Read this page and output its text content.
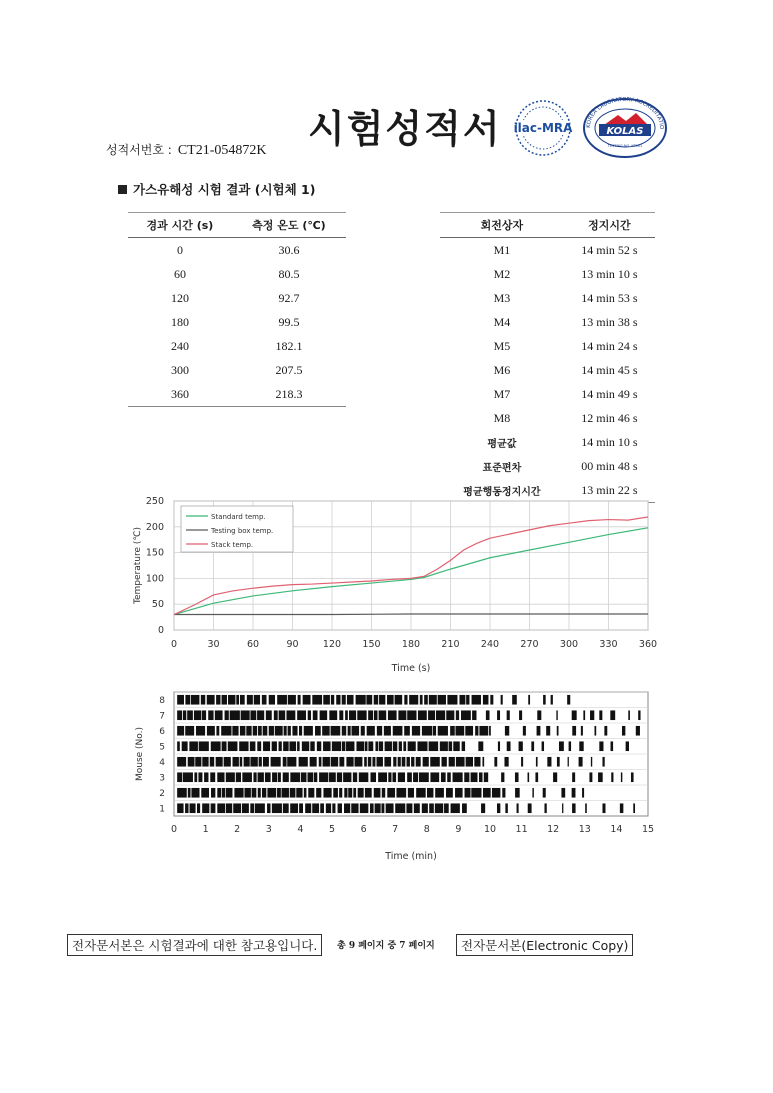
시험성적서
성적서번호 : CT21-054872K
ilac-MRA	KOREA LABORATORY ACCREDITATIO
KOLAS
TESTING NO. KT001
가스유해성 시험 결과 (시험체 1)
경과 시간 (s)	측정 온도 (℃)
0	30.6
60	80.5
120	92.7
180	99.5
240	182.1
300	207.5
360	218.3
회전상자	정지시간
M1	14 min 52 s
M2	13 min 10 s
M3	14 min 53 s
M4	13 min 38 s
M5	14 min 24 s
M6	14 min 45 s
M7	14 min 49 s
M8	12 min 46 s
평균값	14 min 10 s
표준편차	00 min 48 s
평균행동정지시간	13 min 22 s
0
50
100
150
200
250
0	30	60	90	120 150 180 210 240 270 300 330 360
Time (s)
Temperature (℃)
Standard temp.
Testing box temp.
Stack temp.
1
2
3
4
5
6
7
8
0	1	2	3	4	5	6	7	8	9 10 11 12 13 14 15
Time (min)
Mouse (No.)
전자문서본은 시험결과에 대한 참고용입니다.	총 9 페이지 중 7 페이지	전자문서본(Electronic Copy)
